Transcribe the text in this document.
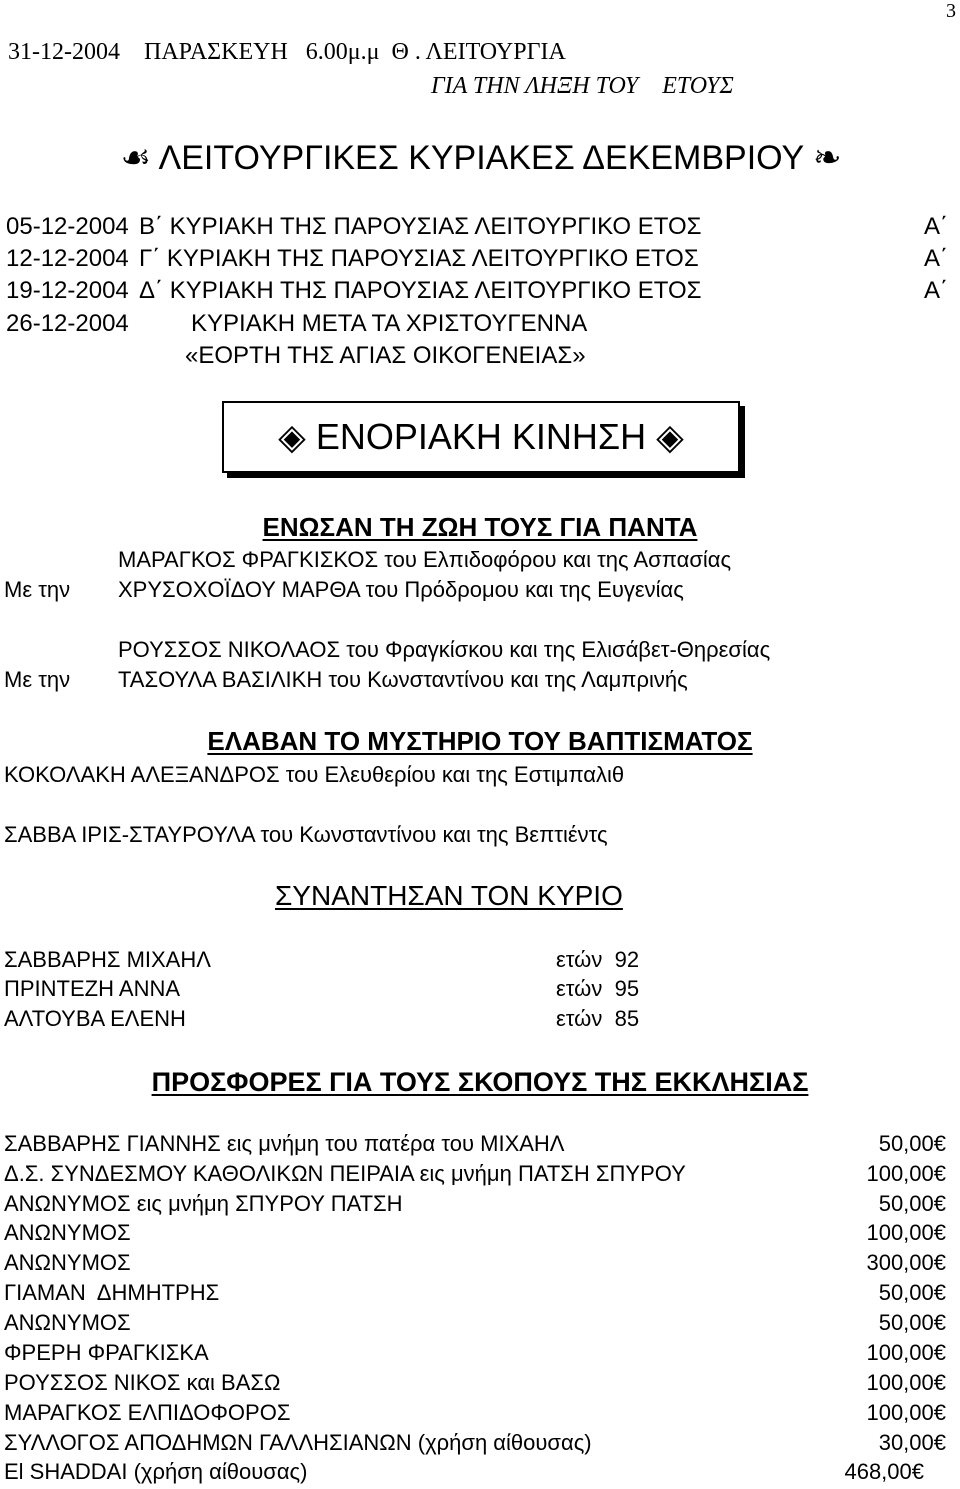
3
31-12-2004    ΠΑΡΑΣΚΕΥΗ   6.00μ.μ  Θ . ΛΕΙΤΟΥΡΓΙΑ
ΓΙΑ ΤΗΝ ΛΗΞΗ ΤΟΥ    ΕΤΟΥΣ
☙ ΛΕΙΤΟΥΡΓΙΚΕΣ ΚΥΡΙΑΚΕΣ ΔΕΚΕΜΒΡΙΟΥ ❧
05-12-2004 Β΄ ΚΥΡΙΑΚΗ ΤΗΣ ΠΑΡΟΥΣΙΑΣ ΛΕΙΤΟΥΡΓΙΚΟ ΕΤΟΣ	Α΄
12-12-2004 Γ΄ ΚΥΡΙΑΚΗ ΤΗΣ ΠΑΡΟΥΣΙΑΣ ΛΕΙΤΟΥΡΓΙΚΟ ΕΤΟΣ	Α΄
19-12-2004 Δ΄ ΚΥΡΙΑΚΗ ΤΗΣ ΠΑΡΟΥΣΙΑΣ ΛΕΙΤΟΥΡΓΙΚΟ ΕΤΟΣ	Α΄
26-12-2004	ΚΥΡΙΑΚΗ ΜΕΤΑ ΤΑ ΧΡΙΣΤΟΥΓΕΝΝΑ
«ΕΟΡΤΗ ΤΗΣ ΑΓΙΑΣ ΟΙΚΟΓΕΝΕΙΑΣ»
◈ ΕΝΟΡΙΑΚΗ ΚΙΝΗΣΗ ◈
ΕΝΩΣΑΝ ΤΗ ΖΩΗ ΤΟΥΣ ΓΙΑ ΠΑΝΤΑ
ΜΑΡΑΓΚΟΣ ΦΡΑΓΚΙΣΚΟΣ του Ελπιδοφόρου και της Ασπασίας
Με την ΧΡΥΣΟΧΟΪΔΟΥ ΜΑΡΘΑ του Πρόδρομου και της Ευγενίας
ΡΟΥΣΣΟΣ ΝΙΚΟΛΑΟΣ του Φραγκίσκου και της Ελισάβετ-Θηρεσίας
Με την ΤΑΣΟΥΛΑ ΒΑΣΙΛΙΚΗ του Κωνσταντίνου και της Λαμπρινής
ΕΛΑΒΑΝ ΤΟ ΜΥΣΤΗΡΙΟ ΤΟΥ ΒΑΠΤΙΣΜΑΤΟΣ
ΚΟΚΟΛΑΚΗ ΑΛΕΞΑΝΔΡΟΣ του Ελευθερίου και της Εστιμπαλιθ
ΣΑΒΒΑ ΙΡΙΣ-ΣΤΑΥΡΟΥΛΑ του Κωνσταντίνου και της Βεπτιέντς
ΣΥΝΑΝΤΗΣΑΝ ΤΟΝ ΚΥΡΙΟ
ΣΑΒΒΑΡΗΣ ΜΙΧΑΗΛ	ετών  92
ΠΡΙΝΤΕΖΗ ΑΝΝΑ	ετών  95
ΑΛΤΟΥΒΑ ΕΛΕΝΗ	ετών  85
ΠΡΟΣΦΟΡΕΣ ΓΙΑ ΤΟΥΣ ΣΚΟΠΟΥΣ ΤΗΣ ΕΚΚΛΗΣΙΑΣ
ΣΑΒΒΑΡΗΣ ΓΙΑΝΝΗΣ εις μνήμη του πατέρα του ΜΙΧΑΗΛ	50,00€
Δ.Σ. ΣΥΝΔΕΣΜΟΥ ΚΑΘΟΛΙΚΩΝ ΠΕΙΡΑΙΑ εις μνήμη ΠΑΤΣΗ ΣΠΥΡΟΥ	100,00€
ΑΝΩΝΥΜΟΣ εις μνήμη ΣΠΥΡΟΥ ΠΑΤΣΗ	50,00€
ΑΝΩΝΥΜΟΣ	100,00€
ΑΝΩΝΥΜΟΣ	300,00€
ΓΙΑΜΑΝ  ΔΗΜΗΤΡΗΣ	50,00€
ΑΝΩΝΥΜΟΣ	50,00€
ΦΡΕΡΗ ΦΡΑΓΚΙΣΚΑ	100,00€
ΡΟΥΣΣΟΣ ΝΙΚΟΣ και ΒΑΣΩ	100,00€
ΜΑΡΑΓΚΟΣ ΕΛΠΙΔΟΦΟΡΟΣ	100,00€
ΣΥΛΛΟΓΟΣ ΑΠΟΔΗΜΩΝ ΓΑΛΛΗΣΙΑΝΩΝ (χρήση αίθουσας)	30,00€
El SHADDAI (χρήση αίθουσας)	468,00€
